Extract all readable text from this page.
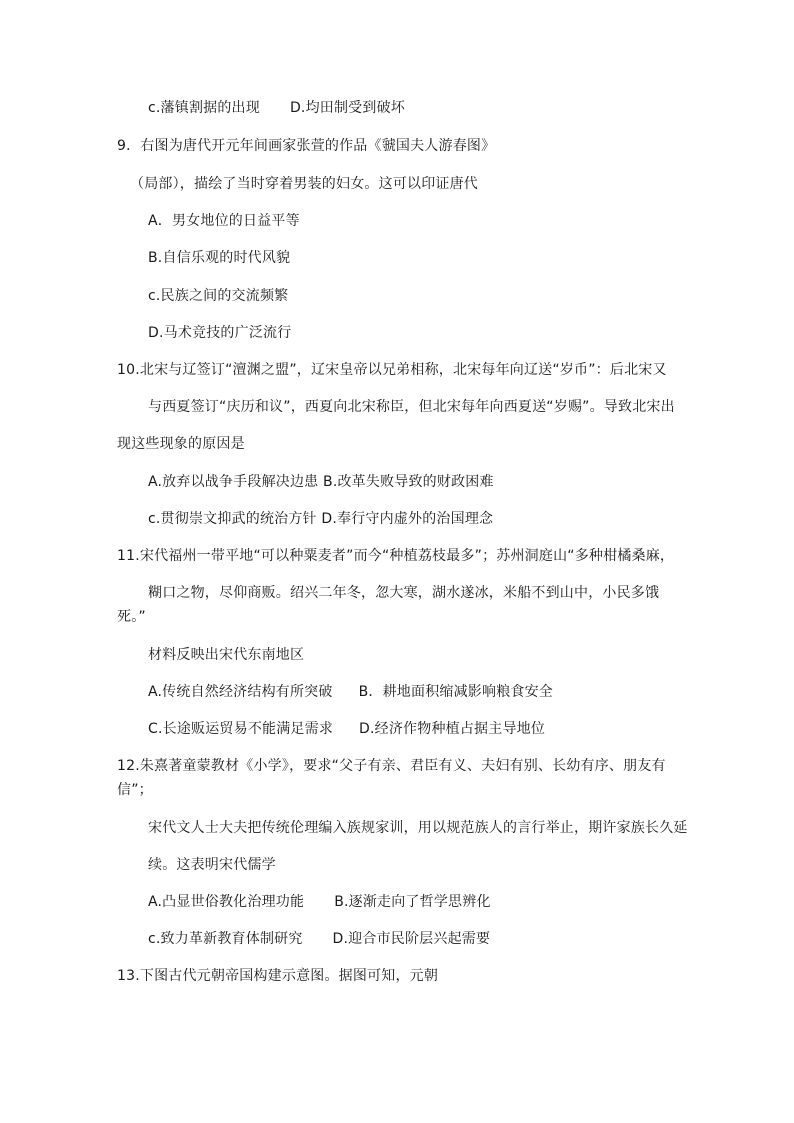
c.藩镇割据的出现 D.均田制受到破坏
9．右图为唐代开元年间画家张萱的作品《虢国夫人游春图》
（局部），描绘了当时穿着男装的妇女。这可以印证唐代
A．男女地位的日益平等
B.自信乐观的时代风貌
c.民族之间的交流频繁
D.马术竞技的广泛流行
10.北宋与辽签订“澶渊之盟”，辽宋皇帝以兄弟相称，北宋每年向辽送“岁币”：后北宋又
与西夏签订“庆历和议”，西夏向北宋称臣，但北宋每年向西夏送“岁赐”。导致北宋出
现这些现象的原因是
A.放弃以战争手段解决边患 B.改革失败导致的财政困难
c.贯彻崇文抑武的统治方针 D.奉行守内虚外的治国理念
11.宋代福州一带平地“可以种粟麦者”而今“种植荔枝最多”；苏州洞庭山“多种柑橘桑麻，
糊口之物，尽仰商贩。绍兴二年冬，忽大寒，湖水遂冰，米船不到山中，小民多饿
死。”
材料反映出宋代东南地区
A.传统自然经济结构有所突破 B．耕地面积缩减影响粮食安全
C.长途贩运贸易不能满足需求 D.经济作物种植占据主导地位
12.朱熹著童蒙教材《小学》，要求“父子有亲、君臣有义、夫妇有别、长幼有序、朋友有
信”；
宋代文人士大夫把传统伦理编入族规家训，用以规范族人的言行举止，期许家族长久延
续。这表明宋代儒学
A.凸显世俗教化治理功能 B.逐渐走向了哲学思辨化
c.致力革新教育体制研究 D.迎合市民阶层兴起需要
13.下图古代元朝帝国构建示意图。据图可知，元朝
